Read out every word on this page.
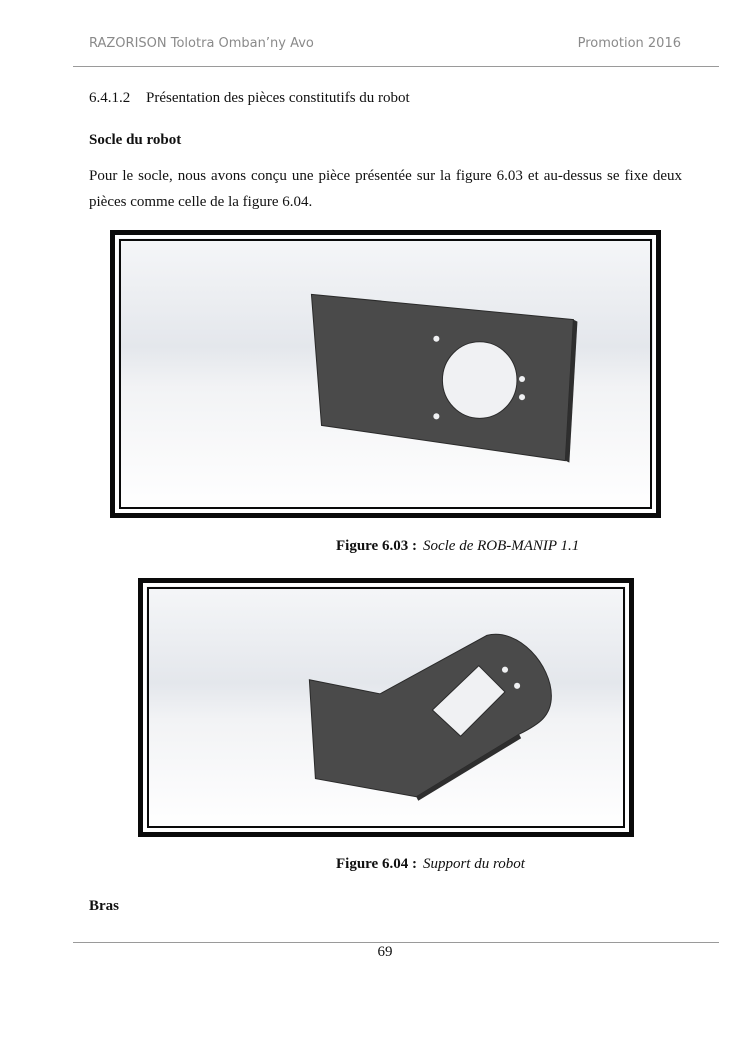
RAZORISON Tolotra Omban’ny Avo	Promotion 2016
6.4.1.2 Présentation des pièces constitutifs du robot
Socle du robot
Pour le socle, nous avons conçu une pièce présentée sur la figure 6.03 et au-dessus se fixe deux pièces comme celle de la figure 6.04.
Figure 6.03 : Socle de ROB-MANIP 1.1
Figure 6.04 : Support du robot
Bras
69
